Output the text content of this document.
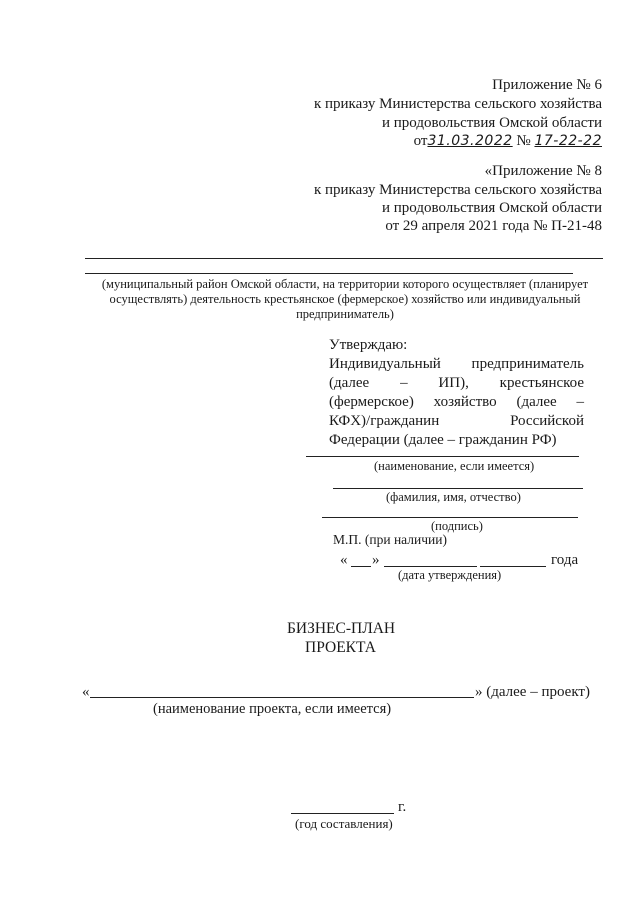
Приложение № 6
к приказу Министерства сельского хозяйства
и продовольствия Омской области
от31.03.2022 № 17-22-22
«Приложение № 8
к приказу Министерства сельского хозяйства
и продовольствия Омской области
от 29 апреля 2021 года № П-21-48
(муниципальный район Омской области, на территории которого осуществляет (планирует
осуществлять) деятельность крестьянское (фермерское) хозяйство или индивидуальный
предприниматель)
Утверждаю:
Индивидуальный предприниматель
(далее – ИП), крестьянское
(фермерское) хозяйство (далее –
КФХ)/гражданин Российской
Федерации (далее – гражданин РФ)
(наименование, если имеется)
(фамилия, имя, отчество)
(подпись)
М.П. (при наличии)
« »	года
(дата утверждения)
БИЗНЕС-ПЛАН
ПРОЕКТА
«	» (далее – проект)
(наименование проекта, если имеется)
г.
(год составления)
